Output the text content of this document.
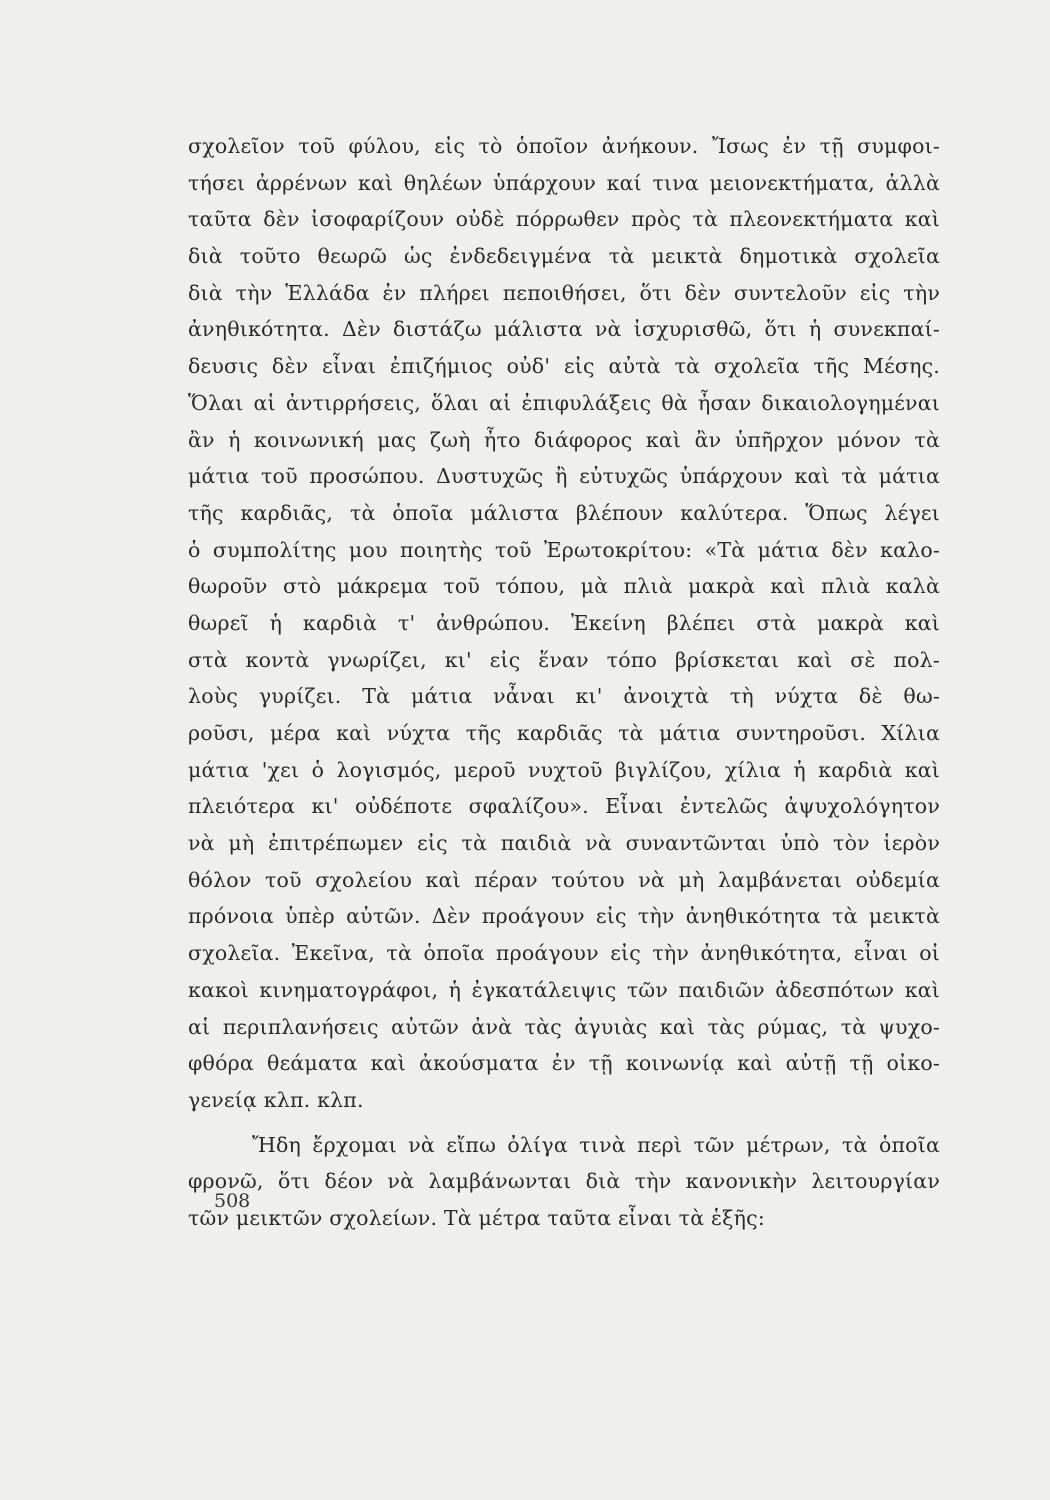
σχολεῖον τοῦ φύλου, εἰς τὸ ὁποῖον ἀνήκουν. Ἴσως ἐν τῇ συμφοι-
τήσει ἀρρένων καὶ θηλέων ὑπάρχουν καί τινα μειονεκτήματα, ἀλλὰ
ταῦτα δὲν ἰσοφαρίζουν οὐδὲ πόρρωθεν πρὸς τὰ πλεονεκτήματα καὶ
διὰ τοῦτο θεωρῶ ὡς ἐνδεδειγμένα τὰ μεικτὰ δημοτικὰ σχολεῖα
διὰ τὴν Ἑλλάδα ἐν πλήρει πεποιθήσει, ὅτι δὲν συντελοῦν εἰς τὴν
ἀνηθικότητα. Δὲν διστάζω μάλιστα νὰ ἰσχυρισθῶ, ὅτι ἡ συνεκπαί-
δευσις δὲν εἶναι ἐπιζήμιος οὐδ' εἰς αὐτὰ τὰ σχολεῖα τῆς Μέσης.
Ὅλαι αἱ ἀντιρρήσεις, ὅλαι αἱ ἐπιφυλάξεις θὰ ἦσαν δικαιολογημέναι
ἂν ἡ κοινωνική μας ζωὴ ἦτο διάφορος καὶ ἂν ὑπῆρχον μόνον τὰ
μάτια τοῦ προσώπου. Δυστυχῶς ἢ εὐτυχῶς ὑπάρχουν καὶ τὰ μάτια
τῆς καρδιᾶς, τὰ ὁποῖα μάλιστα βλέπουν καλύτερα. Ὅπως λέγει
ὁ συμπολίτης μου ποιητὴς τοῦ Ἐρωτοκρίτου: «Τὰ μάτια δὲν καλο-
θωροῦν στὸ μάκρεμα τοῦ τόπου, μὰ πλιὰ μακρὰ καὶ πλιὰ καλὰ
θωρεῖ ἡ καρδιὰ τ' ἀνθρώπου. Ἐκείνη βλέπει στὰ μακρὰ καὶ
στὰ κοντὰ γνωρίζει, κι' εἰς ἕναν τόπο βρίσκεται καὶ σὲ πολ-
λοὺς γυρίζει. Τὰ μάτια νἆναι κι' ἀνοιχτὰ τὴ νύχτα δὲ θω-
ροῦσι, μέρα καὶ νύχτα τῆς καρδιᾶς τὰ μάτια συντηροῦσι. Χίλια
μάτια 'χει ὁ λογισμός, μεροῦ νυχτοῦ βιγλίζου, χίλια ἡ καρδιὰ καὶ
πλειότερα κι' οὐδέποτε σφαλίζου». Εἶναι ἐντελῶς ἀψυχολόγητον
νὰ μὴ ἐπιτρέπωμεν εἰς τὰ παιδιὰ νὰ συναντῶνται ὑπὸ τὸν ἱερὸν
θόλον τοῦ σχολείου καὶ πέραν τούτου νὰ μὴ λαμβάνεται οὐδεμία
πρόνοια ὑπὲρ αὐτῶν. Δὲν προάγουν εἰς τὴν ἀνηθικότητα τὰ μεικτὰ
σχολεῖα. Ἐκεῖνα, τὰ ὁποῖα προάγουν εἰς τὴν ἀνηθικότητα, εἶναι οἱ
κακοὶ κινηματογράφοι, ἡ ἐγκατάλειψις τῶν παιδιῶν ἀδεσπότων καὶ
αἱ περιπλανήσεις αὐτῶν ἀνὰ τὰς ἀγυιὰς καὶ τὰς ρύμας, τὰ ψυχο-
φθόρα θεάματα καὶ ἀκούσματα ἐν τῇ κοινωνίᾳ καὶ αὐτῇ τῇ οἰκο-
γενείᾳ κλπ. κλπ.
Ἤδη ἔρχομαι νὰ εἴπω ὀλίγα τινὰ περὶ τῶν μέτρων, τὰ ὁποῖα
φρονῶ, ὅτι δέον νὰ λαμβάνωνται διὰ τὴν κανονικὴν λειτουργίαν
τῶν μεικτῶν σχολείων. Τὰ μέτρα ταῦτα εἶναι τὰ ἑξῆς:
508
